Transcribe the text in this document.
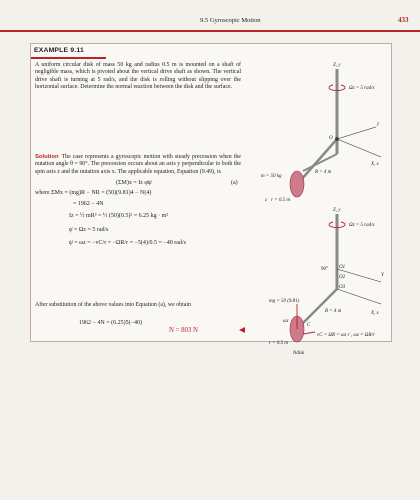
9.5 Gyroscopic Motion	433
EXAMPLE 9.11
A uniform circular disk of mass 50 kg and radius 0.5 m is mounted on a shaft of negligible mass, which is pivoted about the vertical drive shaft as shown. The vertical drive shaft is turning at 5 rad/s, and the disk is rolling without slipping over the horizontal surface. Determine the normal reaction between the disk and the surface.
Solution The case represents a gyroscopic motion with steady precession when the nutation angle θ = 90°. The precession occurs about an axis y perpendicular to both the spin axis z and the nutation axis x. The applicable equation, Equation (9.49), is
(ΣM)x = Iz φ̇ψ̇	(a)
where ΣMx = (mg)R − NR = (50)(9.81)4 − N(4)
= 1962 − 4N
Iz = ½ mR² = ½ (50)(0.5)² = 6.25 kg · m²
φ̇ = Ωz = 5 rad/s
ψ̇ = ωz = −vC/r = −ΩR/r = −5(4)/0.5 = −40 rad/s
After substitution of the above values into Equation (a), we obtain
1962 − 4N = (6.25)5(−40)
N = 803 N
Z, y
Ωz = 5 rad/s
y
X, x
m = 50 kg
R = 4 m
O
r = 0.5 m
z
Z, y
Ωz = 5 rad/s
Y
X, x
90° O1
O2
O3
mg = 50 (9.81)
R = 4 m
ωz
vC = ΩR = ωz r , ωz = ΩR/r
C
r = 0.5 m
Ndisk
